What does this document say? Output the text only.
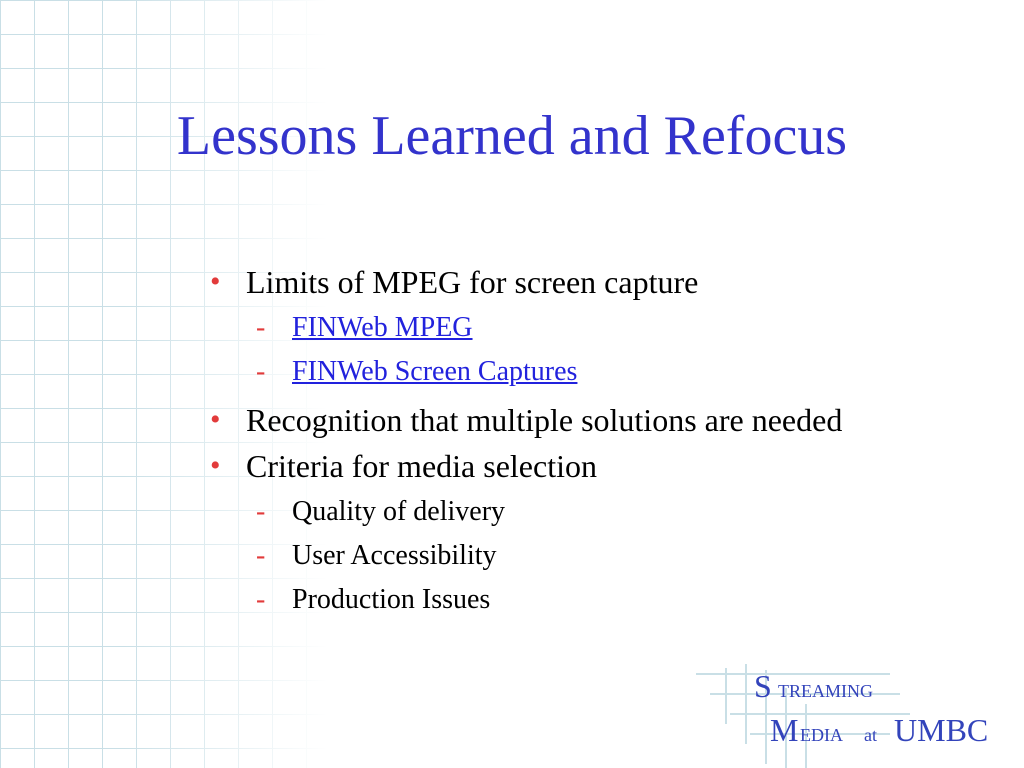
Lessons Learned and Refocus
• Limits of MPEG for screen capture
- FINWeb MPEG
- FINWeb Screen Captures
• Recognition that multiple solutions are needed
• Criteria for media selection
- Quality of delivery
- User Accessibility
- Production Issues
S TREAMING
M EDIA at UMBC
